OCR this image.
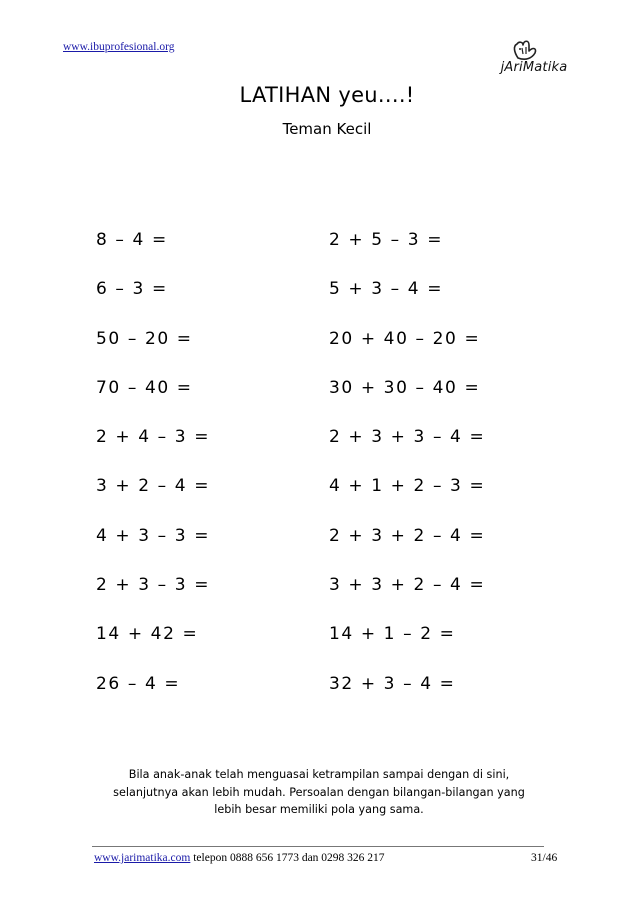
www.ibuprofesional.org
jAriMatika
LATIHAN yeu....!
Teman Kecil
8 – 4 =
6 – 3 =
50 – 20 =
70 – 40 =
2 + 4 – 3 =
3 + 2 – 4 =
4 + 3 – 3 =
2 + 3 – 3 =
14 + 42 =
26 – 4 =
2 + 5 – 3 =
5 + 3 – 4 =
20 + 40 – 20 =
30 + 30 – 40 =
2 + 3 + 3 – 4 =
4 + 1 + 2 – 3 =
2 + 3 + 2 – 4 =
3 + 3 + 2 – 4 =
14 + 1 – 2 =
32 + 3 – 4 =
Bila anak-anak telah menguasai ketrampilan sampai dengan di sini,
selanjutnya akan lebih mudah. Persoalan dengan bilangan-bilangan yang
lebih besar memiliki pola yang sama.
www.jarimatika.com telepon 0888 656 1773 dan 0298 326 217	31/46
